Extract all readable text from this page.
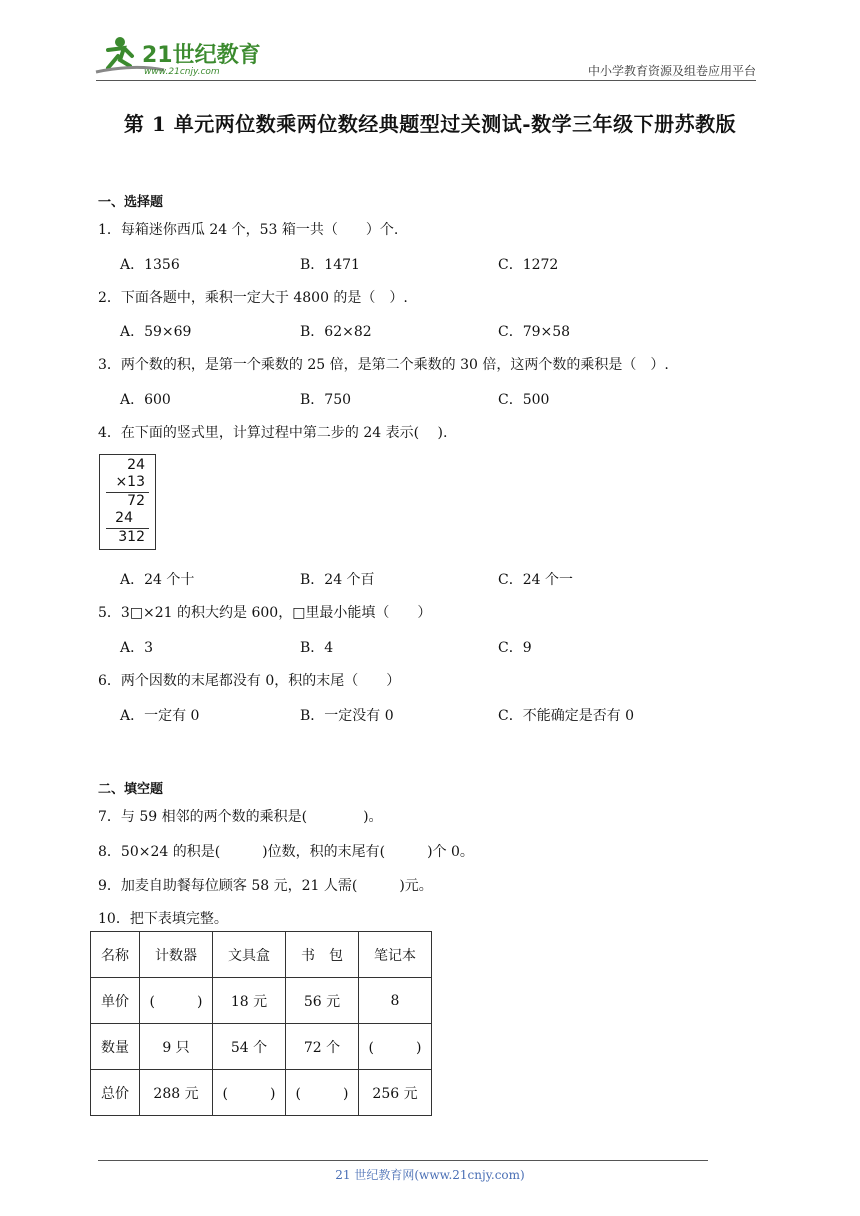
21世纪教育
www.21cnjy.com	中小学教育资源及组卷应用平台
第 1 单元两位数乘两位数经典题型过关测试-数学三年级下册苏教版
一、选择题
1．每箱迷你西瓜 24 个，53 箱一共（　　）个.
A．1356	B．1471	C．1272
2．下面各题中，乘积一定大于 4800 的是（　）.
A．59×69	B．62×82	C．79×58
3．两个数的积，是第一个乘数的 25 倍，是第二个乘数的 30 倍，这两个数的乘积是（　）.
A．600	B．750	C．500
4．在下面的竖式里，计算过程中第二步的 24 表示(　 ).
24
×13
72
24
312
A．24 个十	B．24 个百	C．24 个一
5．3□×21 的积大约是 600，□里最小能填（　　）
A．3	B．4	C．9
6．两个因数的末尾都没有 0，积的末尾（　　）
A．一定有 0	B．一定没有 0	C．不能确定是否有 0
二、填空题
7．与 59 相邻的两个数的乘积是(　　　　)。
8．50×24 的积是(　　　)位数，积的末尾有(　　　)个 0。
9．加麦自助餐每位顾客 58 元，21 人需(　　　)元。
10．把下表填完整。
名称	计数器	文具盒	书　包	笔记本
单价	(　　　)	18 元	56 元	8
数量	9 只	54 个	72 个	(　　　)
总价	288 元	(　　　)	(　　　)	256 元
21 世纪教育网(www.21cnjy.com)
